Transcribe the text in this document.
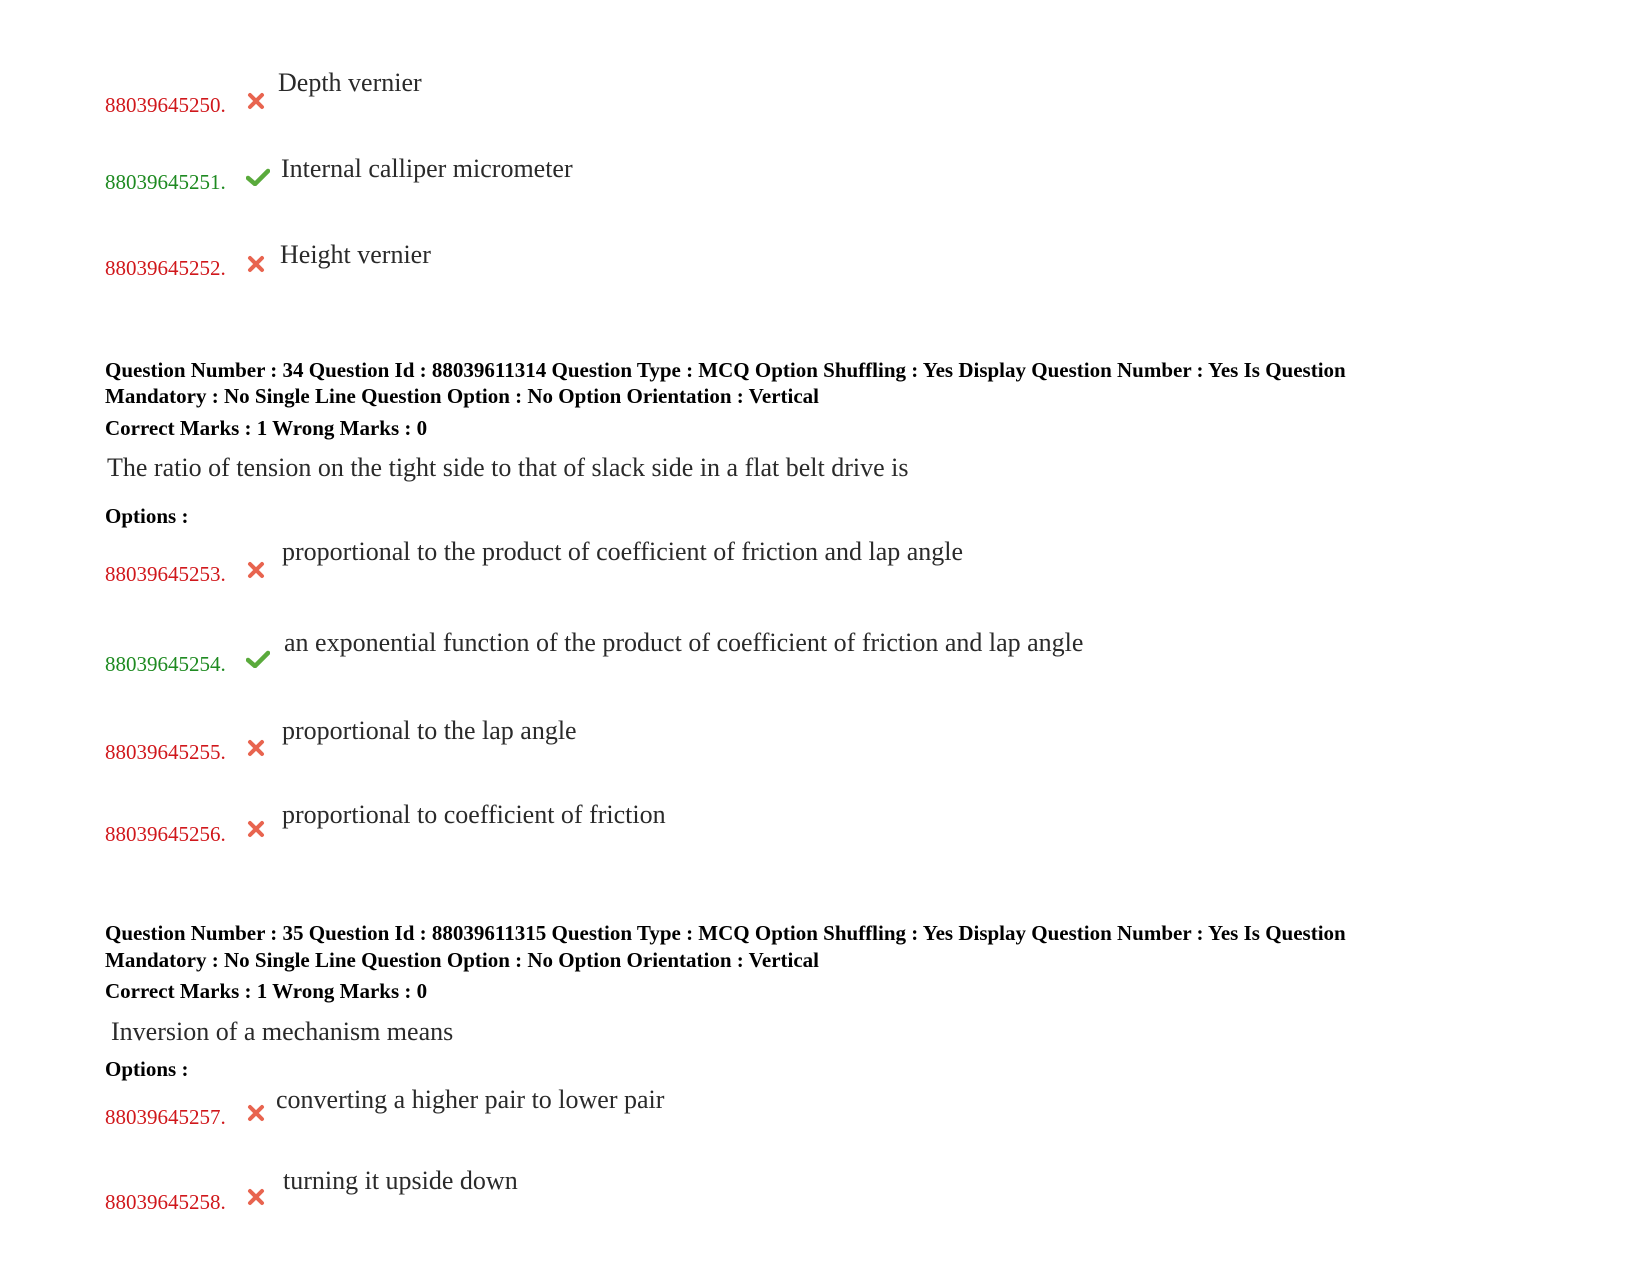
88039645250.
Depth vernier
88039645251. Internal calliper micrometer
88039645252. Height vernier
Question Number : 34 Question Id : 88039611314 Question Type : MCQ Option Shuffling : Yes Display Question Number : Yes Is Question
Mandatory : No Single Line Question Option : No Option Orientation : Vertical
Correct Marks : 1 Wrong Marks : 0
The ratio of tension on the tight side to that of slack side in a flat belt drive is
Options :
88039645253.
proportional to the product of coefficient of friction and lap angle
88039645254.
an exponential function of the product of coefficient of friction and lap angle
88039645255.
proportional to the lap angle
88039645256.
proportional to coefficient of friction
Question Number : 35 Question Id : 88039611315 Question Type : MCQ Option Shuffling : Yes Display Question Number : Yes Is Question
Mandatory : No Single Line Question Option : No Option Orientation : Vertical
Correct Marks : 1 Wrong Marks : 0
Inversion of a mechanism means
Options :
88039645257.
converting a higher pair to lower pair
88039645258.
turning it upside down
